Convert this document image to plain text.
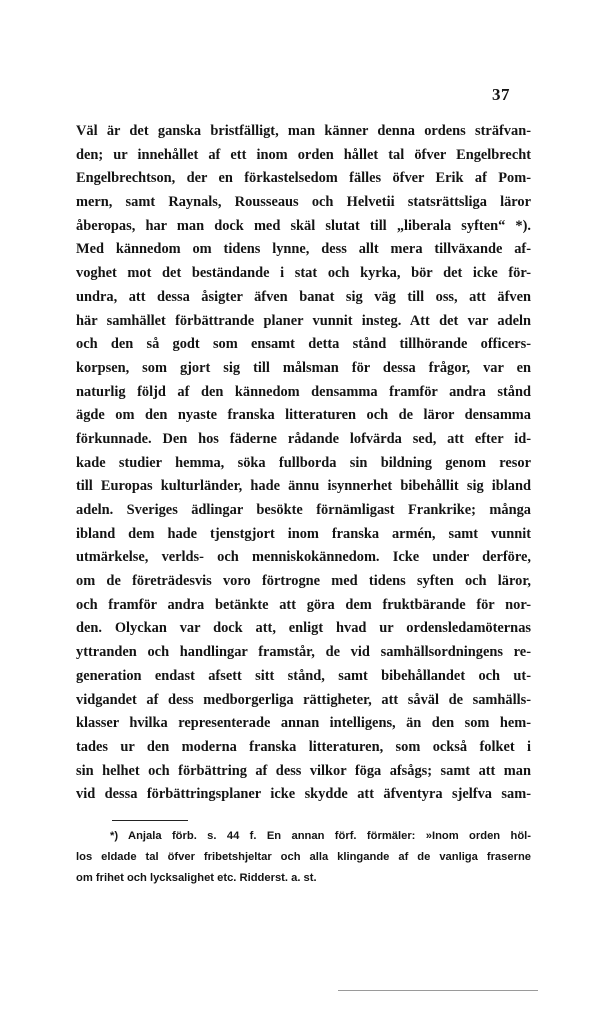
37
Väl är det ganska bristfälligt, man känner denna ordens sträfvan-
den; ur innehållet af ett inom orden hållet tal öfver Engelbrecht
Engelbrechtson, der en förkastelsedom fälles öfver Erik af Pom-
mern, samt Raynals, Rousseaus och Helvetii statsrättsliga läror
åberopas, har man dock med skäl slutat till „liberala syften“ *).
Med kännedom om tidens lynne, dess allt mera tillväxande af-
voghet mot det beständande i stat och kyrka, bör det icke för-
undra, att dessa åsigter äfven banat sig väg till oss, att äfven
här samhället förbättrande planer vunnit insteg. Att det var adeln
och den så godt som ensamt detta stånd tillhörande officers-
korpsen, som gjort sig till målsman för dessa frågor, var en
naturlig följd af den kännedom densamma framför andra stånd
ägde om den nyaste franska litteraturen och de läror densamma
förkunnade. Den hos fäderne rådande lofvärda sed, att efter id-
kade studier hemma, söka fullborda sin bildning genom resor
till Europas kulturländer, hade ännu isynnerhet bibehållit sig ibland
adeln. Sveriges ädlingar besökte förnämligast Frankrike; många
ibland dem hade tjenstgjort inom franska armén, samt vunnit
utmärkelse, verlds- och menniskokännedom. Icke under derföre,
om de företrädesvis voro förtrogne med tidens syften och läror,
och framför andra betänkte att göra dem fruktbärande för nor-
den. Olyckan var dock att, enligt hvad ur ordensledamöternas
yttranden och handlingar framstår, de vid samhällsordningens re-
generation endast afsett sitt stånd, samt bibehållandet och ut-
vidgandet af dess medborgerliga rättigheter, att såväl de samhälls-
klasser hvilka representerade annan intelligens, än den som hem-
tades ur den moderna franska litteraturen, som också folket i
sin helhet och förbättring af dess vilkor föga afsågs; samt att man
vid dessa förbättringsplaner icke skydde att äfventyra sjelfva sam-
*) Anjala förb. s. 44 f. En annan förf. förmäler: »Inom orden höl-
los eldade tal öfver fribetshjeltar och alla klingande af de vanliga fraserne
om frihet och lycksalighet etc. Ridderst. a. st.
